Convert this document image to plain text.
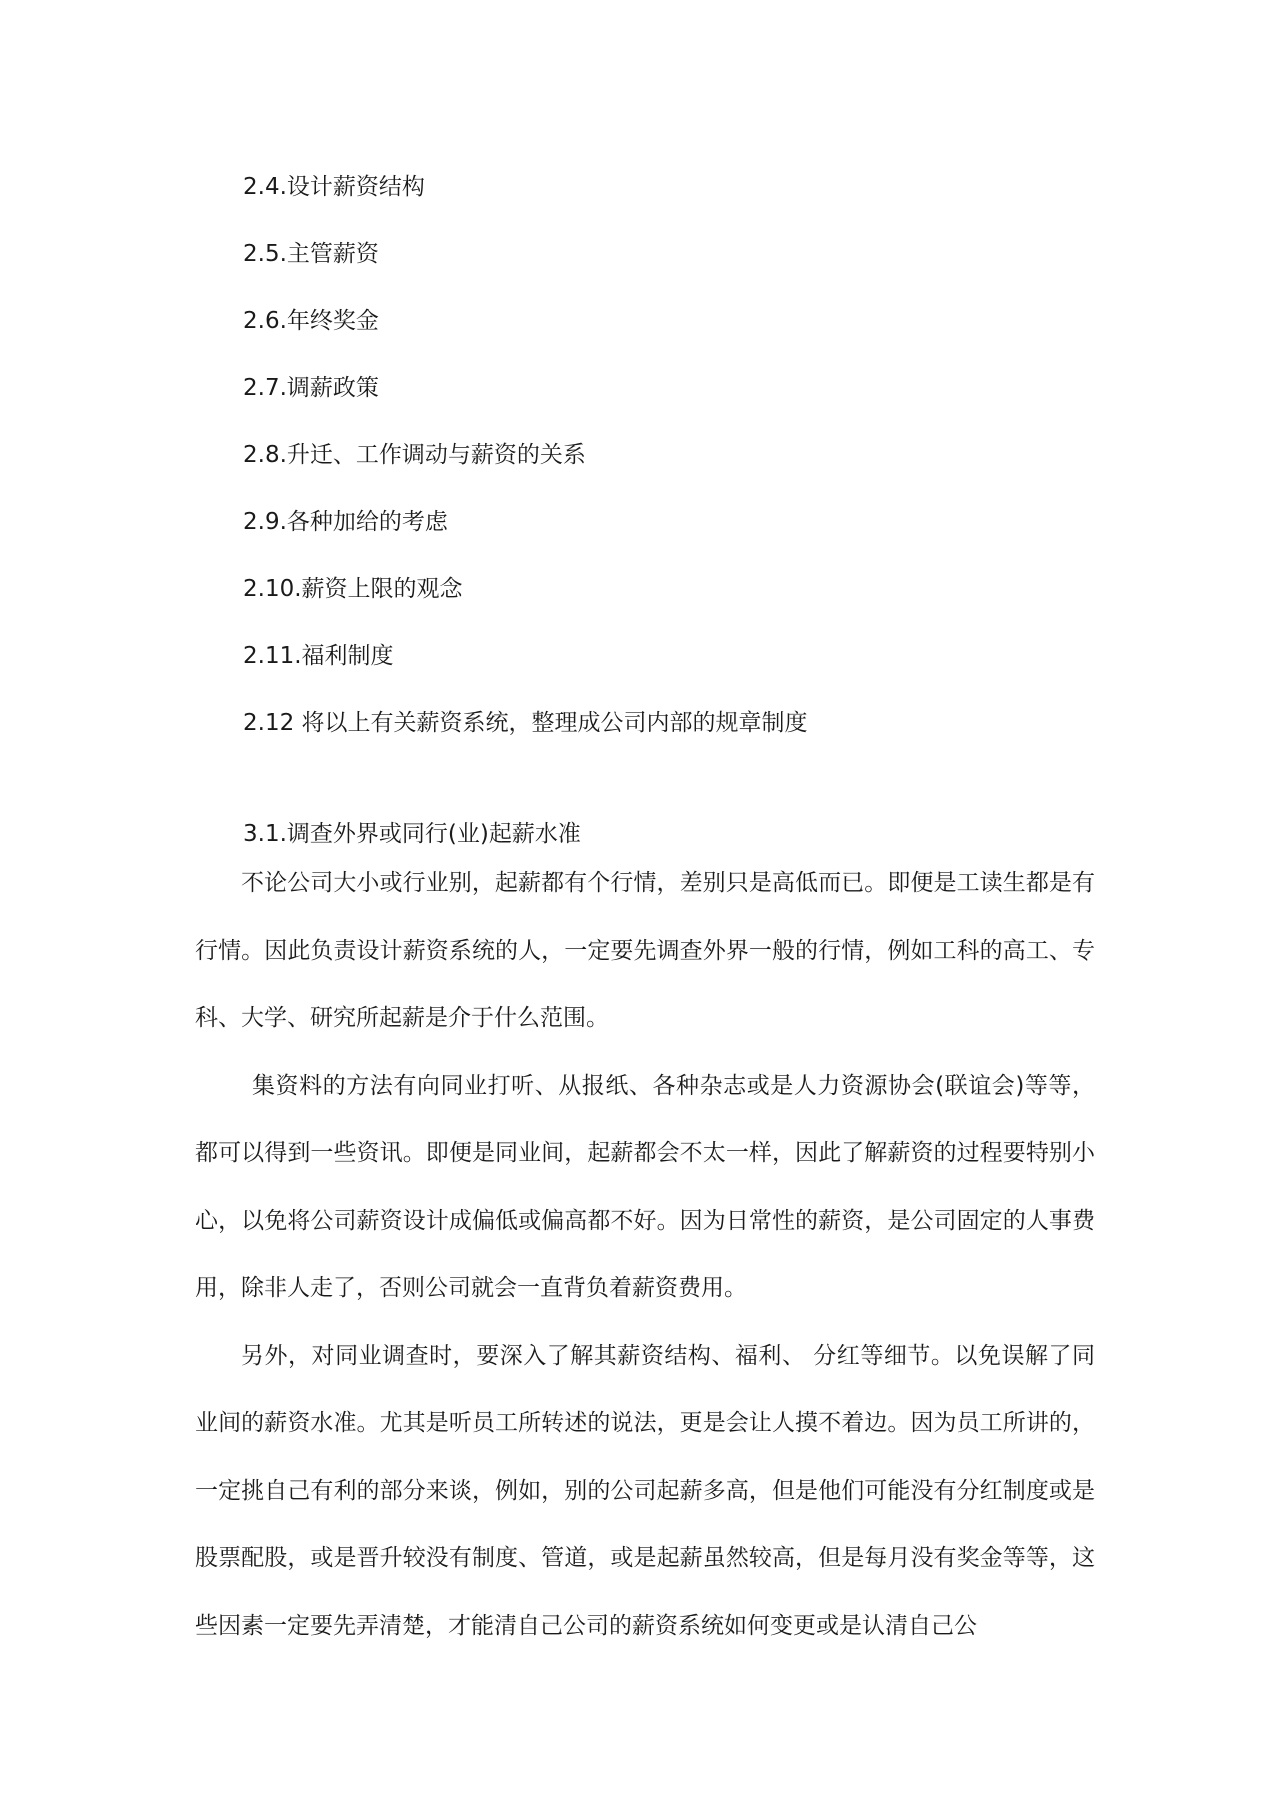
2.4.设计薪资结构
2.5.主管薪资
2.6.年终奖金
2.7.调薪政策
2.8.升迁、工作调动与薪资的关系
2.9.各种加给的考虑
2.10.薪资上限的观念
2.11.福利制度
2.12 将以上有关薪资系统，整理成公司内部的规章制度
3.1.调查外界或同行(业)起薪水准

不论公司大小或行业别，起薪都有个行情，差别只是高低而已。即便是工读生都是有行情。因此负责设计薪资系统的人，一定要先调查外界一般的行情，例如工科的高工、专科、大学、研究所起薪是介于什么范围。

集资料的方法有向同业打听、从报纸、各种杂志或是人力资源协会(联谊会)等等，都可以得到一些资讯。即便是同业间，起薪都会不太一样，因此了解薪资的过程要特别小心，以免将公司薪资设计成偏低或偏高都不好。因为日常性的薪资，是公司固定的人事费用，除非人走了，否则公司就会一直背负着薪资费用。

另外，对同业调查时，要深入了解其薪资结构、福利、 分红等细节。以免误解了同业间的薪资水准。尤其是听员工所转述的说法，更是会让人摸不着边。因为员工所讲的，一定挑自己有利的部分来谈，例如，别的公司起薪多高，但是他们可能没有分红制度或是股票配股，或是晋升较没有制度、管道，或是起薪虽然较高，但是每月没有奖金等等，这些因素一定要先弄清楚，才能清自己公司的薪资系统如何变更或是认清自己公
